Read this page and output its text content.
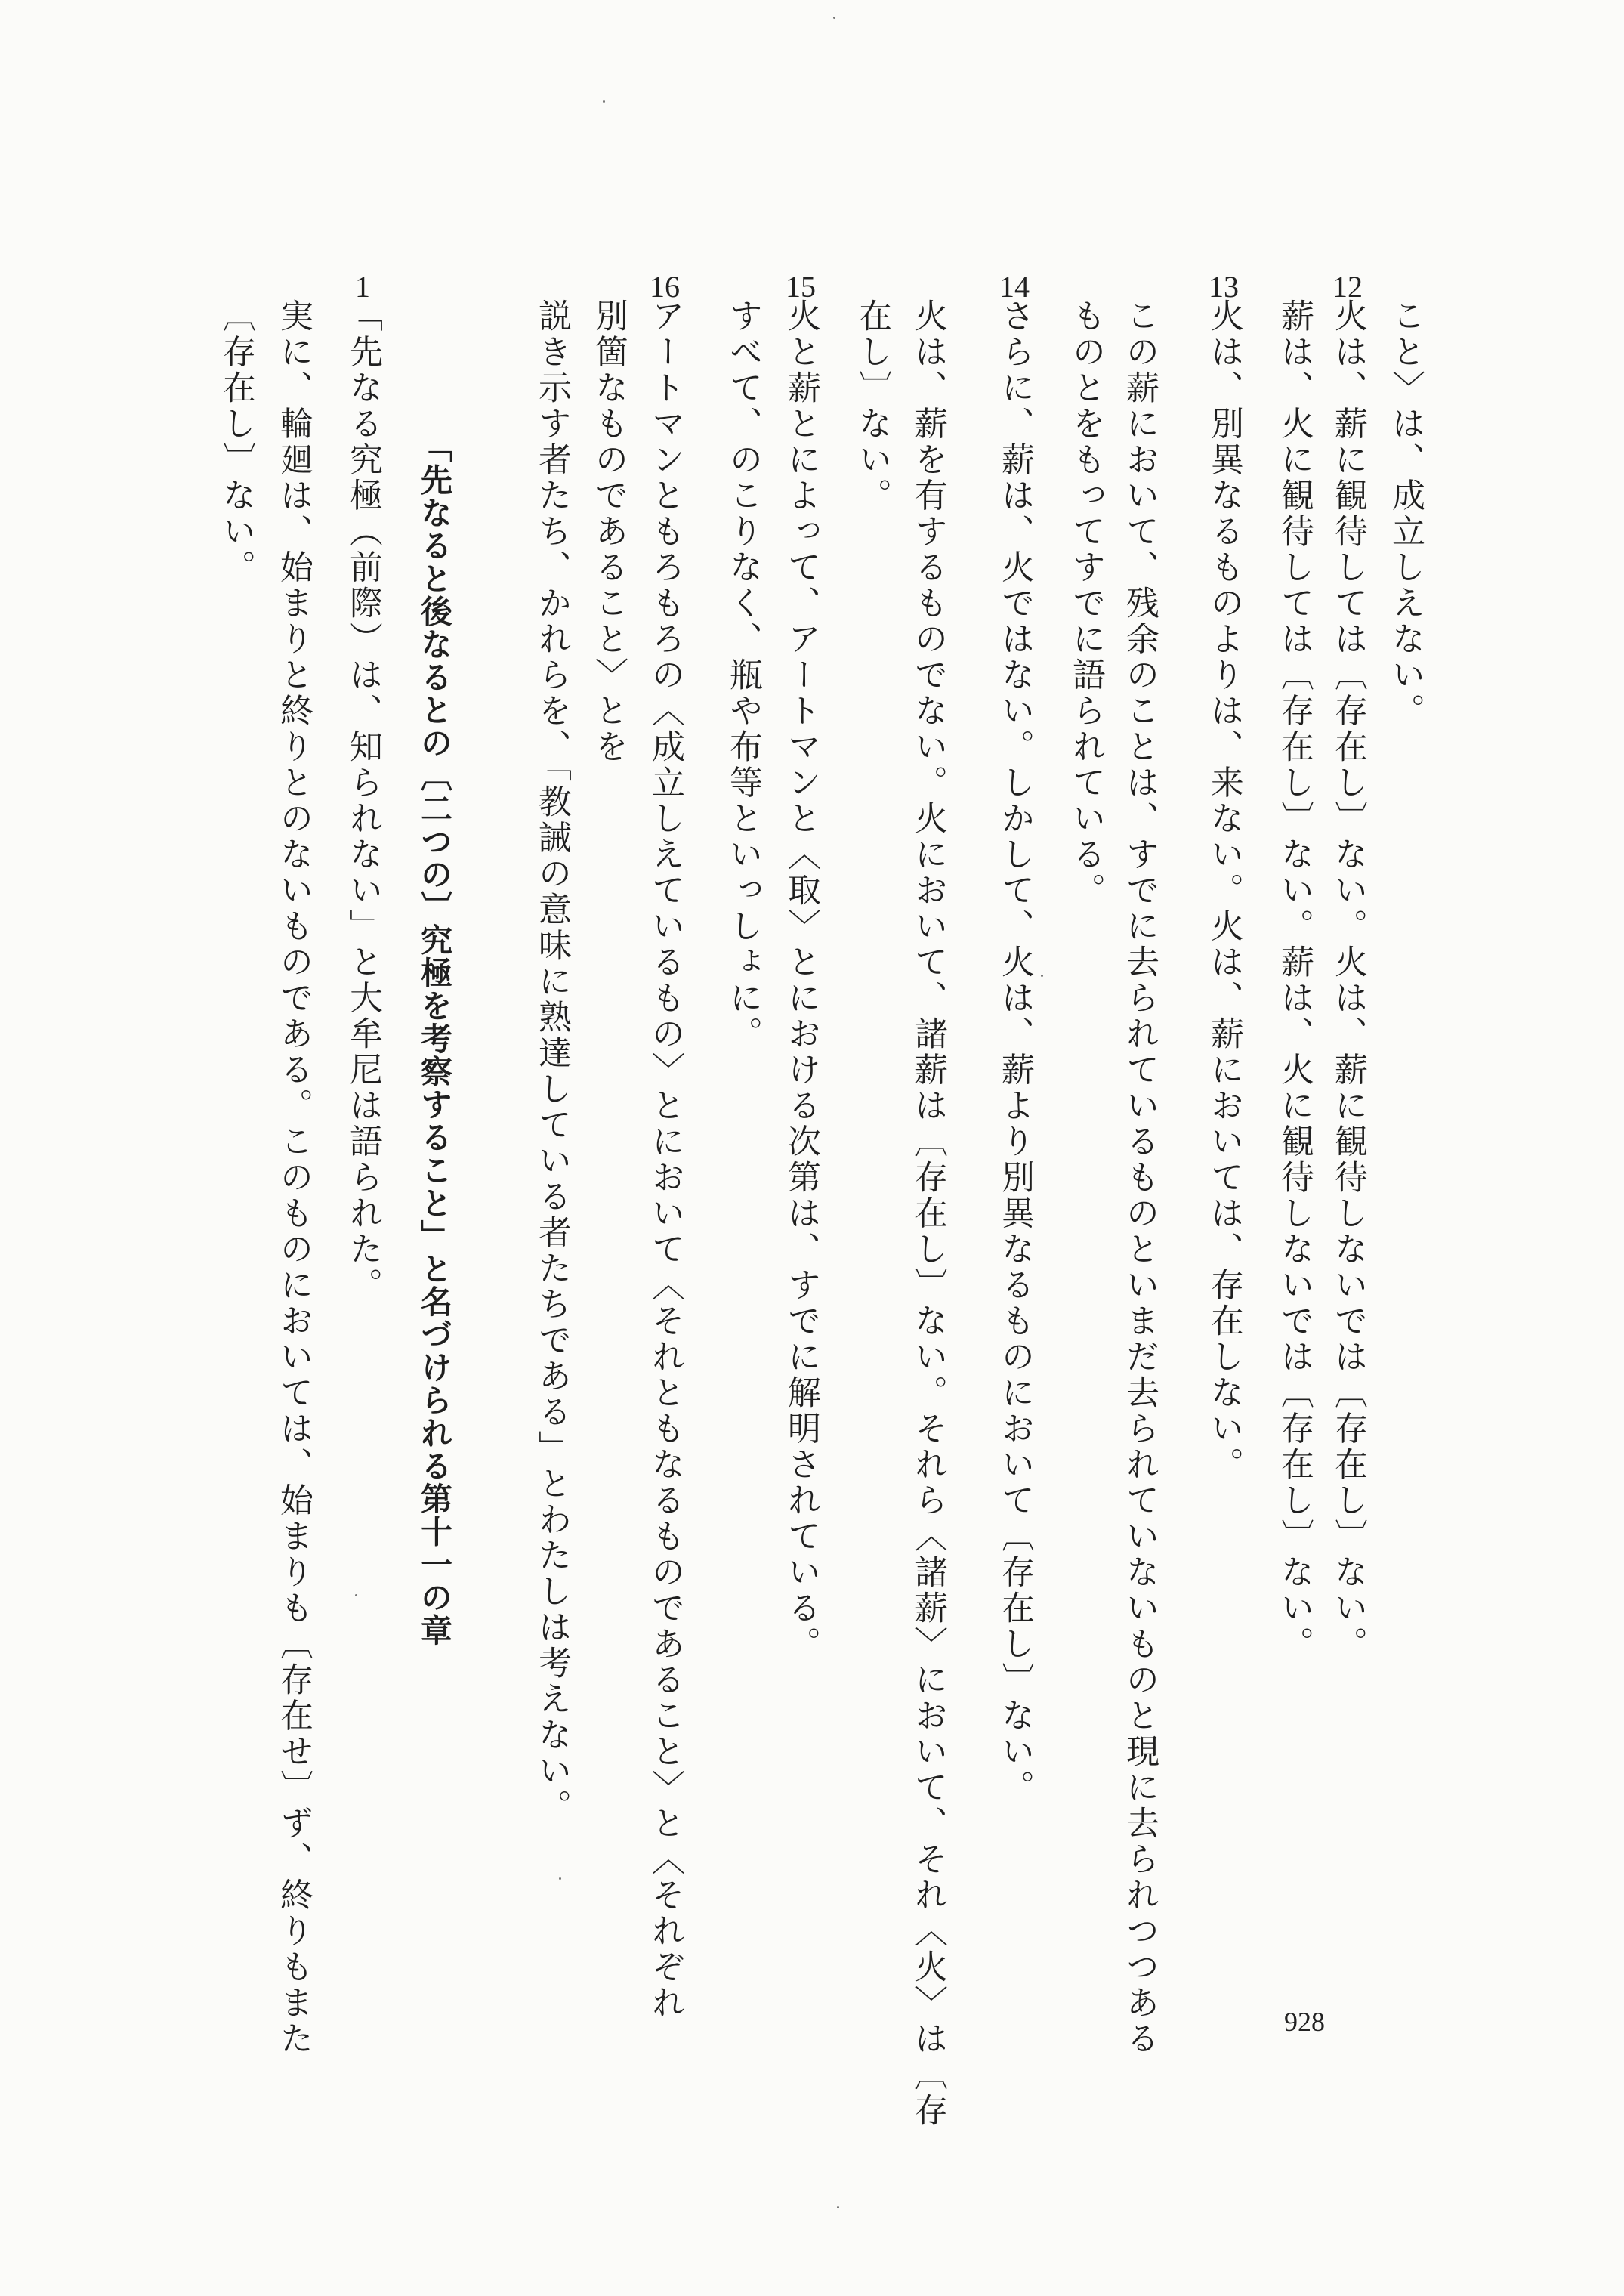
こと〉は、成立しえない。
火は、薪に観待しては〔存在し〕ない。火は、薪に観待しないでは〔存在し〕ない。
12
薪は、火に観待しては〔存在し〕ない。薪は、火に観待しないでは〔存在し〕ない。
火は、別異なるものよりは、来ない。火は、薪においては、存在しない。
13
この薪において、残余のことは、すでに去られているものといまだ去られていないものと現に去られつつある
ものとをもってすでに語られている。
さらに、薪は、火ではない。しかして、火は、薪より別異なるものにおいて〔存在し〕ない。
14
火は、薪を有するものでない。火において、諸薪は〔存在し〕ない。それら〈諸薪〉において、それ〈火〉は〔存
在し〕ない。
火と薪とによって、アートマンと〈取〉とにおける次第は、すでに解明されている。
15
すべて、のこりなく、瓶や布等といっしょに。
アートマンともろもろの〈成立しえているもの〉とにおいて〈それともなるものであること〉と〈それぞれ
16
別箇なものであること〉とを
説き示す者たち、かれらを、「教誡の意味に熟達している者たちである」とわたしは考えない。
「先なる究極（前際）は、知られない」と大牟尼は語られた。
1
実に、輪廻は、始まりと終りとのないものである。このものにおいては、始まりも〔存在せ〕ず、終りもまた
〔存在し〕ない。	「先なると後なるとの〔二つの〕究極を考察すること」と名づけられる第十一の章
928
